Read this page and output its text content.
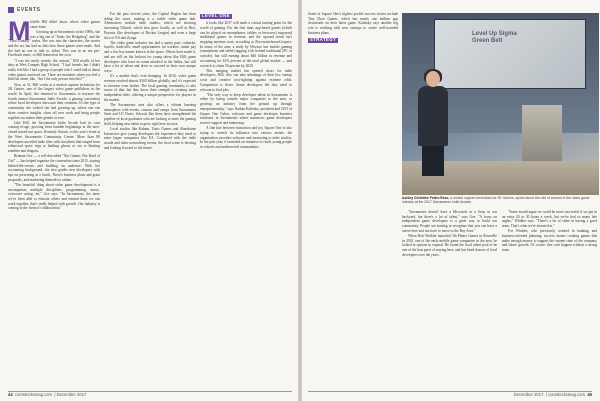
EVENTS
M ichelle Hill didn't know where video games came from.

Growing up in Sacramento in the 1980s, she was a big fan of "Sonic the Hedgehog" and the "Final Fantasy" series. She was into the characters, the stories and the art, but had no idea how these games were made. And she had no one to talk to, either. This was in an era pre-Facebook times, so Hill learned on her own.

"I was the nerdy weirdo, the outcast," Hill recalls of her days at West Campus High School. "I had friends, but I didn't really feel like I had a group of people who I could talk to about video games and nerd out. There are moments when you feel a little bit alone, like, 'Am I the only person into this?'"

Now, at 31, Hill works as a motion capture technician for 2K Games, one of the largest video game publishers in the world. In April, she returned to Sacramento to keynote the fourth annual Sacramento Indie Arcade, a gaming convention where local developers showcase their creations. It's the type of community she wished she had growing up, where one can share creative insights, show off new work and bring people together, no matter their gender or race.

Like Hill, the Sacramento Indie Arcade had its own coming-of-age, growing from humble beginnings at the now-closed mixed-use space, Kennedy Atrium, to this year's event at the West Sacramento Community Center. More than 80 developers unveiled indie titles with storylines that ranged from whimsical space trips to battling ghosts or sea to blasting zombies and dragons.

Brianna Gee — a self-described "Not Gamer, Not Kind of Girl" — has helped organize the convention since 2015, staying behind-the-scenes and building an audience. With her accounting background, she also guides new developers with tips on presenting at a booth. There's business plans and grant proposals, and marketing themselves online.

"The beautiful thing about video game development is it encompasses multiple disciplines: programming, music, voiceover acting, art," Gee says. "In Sacramento, the more we've been able to educate others and remind them we can work together, that's really helped with growth. Our industry is coming in the form of collaboration."

For the past several years, the Capital Region has been riding the wave, making it a viable video game hub. Alternatives include indie studios, which are showing increasing Ubisoft, which also grew locally, as well as Riot, Psyonix (the developers of Rocket League) and even a large slice of EA and Zynga.

The video game industry has had a spotty past: cutbacks, layoffs, trade-offs, small opportunities for workers, unfair pay and a few key names known in the space. Others have made it, and are still on the lookout for young talent like Hill; game developers who have no name attached to the Indies, but still have a lot of talent and drive to succeed in their own unique ways.

It's a market that's ever-changing. In 2016, video game revenue reached almost $100 billion globally, and it's expected to increase even further. The local gaming community is also aware of that, but they know their strength is creating more independent titles, offering a unique perspective for players in the market.

The Sacramento area also offers a vibrant learning atmosphere with events, courses and camps from Sacramento State and UC Davis. Schools like these have strengthened the pipeline of local graduates who are looking to enter the gaming field, helping new talent to grow right here in town.

Local studios like Kabam, Tonic Games and Shardstone Interactive give young developers the experience they need to enter larger companies like EA. Combined with the indie arcade and other networking events, the local scene is thriving and looking forward to the future.

LEVEL ONE

it looks like 2017 will mark a critical turning point for the world of gaming. For the first time, app-based games (which can be played on smartphones, tablets or browsers) surpassed traditional games in revenue, and the upward trend isn't stopping anytime soon, according to PricewaterhouseCoopers. In terms of the area, a study by Newzoo has mobile gaming (smartphone and tablet) tagging a bit behind traditional (PC or console), but still earning about $46 billion in revenue and accounting for 42% percent of the total global market — and on track to claim 50 percent by 2020.

This merging market has opened doors for indie developers, Hill, who can take advantage of their low startup costs and creative cost-fighting against extreme odds. Competition is fierce. Some developers felt they need to relocate to find jobs.

"The only way to keep developer talent in Sacramento is either by luring outside major companies to the area, or growing an industry from the ground up through entrepreneurship," says Nathan Kalinsky, president and CEO of Square One Cubes, software and game developer business incubator in Sacramento where numerous game developers receive support and mentoring.

A fine line between frustration and joy, Square One is also trying to stretch its influence into various arenas: the organization provides software and mentoring to indie studios. In the past year, it launched an initiative to reach young people in schools and underserved communities.

Some of Square One's highest profile success stories include Tiny Door Games, which has nearly one million app downloads on their latest game. Kalinsky says another big win is working with new startups to create well-rounded business plans.

STRATEGY

Level Up Sigma
Green Belt
Ashley Christine Fetter-Rese, a motion capture technician for 2K Games, spoke about the role of women in the video game industry at the 2017 Sacramento Indie Arcade.

"Sacramento doesn't have a Microsoft or a Sony in our backyard, but there's a lot of talent," says Gee. "A focus on independent game developers is a great way to build our community. People are starting to recognize that you can have a career here and not have to move to the Bay Area."

When Bob Winkler launched 5th Planet Games in Roseville in 2010, one of the early mobile game companies in the area, he looked at options to expand. He found the local talent pool to be one of the best parts of staying here, and has hired dozens of local developers over the years.

"Some would argue we could be more successful if we put in an extra 20 or 30 hours a week, but we've had so many late nights," Winkler says. "There's a lot of value in having a good team. That's what we're invested in."

For Winkler, who previously worked in banking and business-oriented planning, success means creating games that make enough money to support the current state of the company and future growth. Of course, this can't happen without a strong team.

44 comstocksmag.com  | December 2017	December 2017  | comstocksmag.com 45
